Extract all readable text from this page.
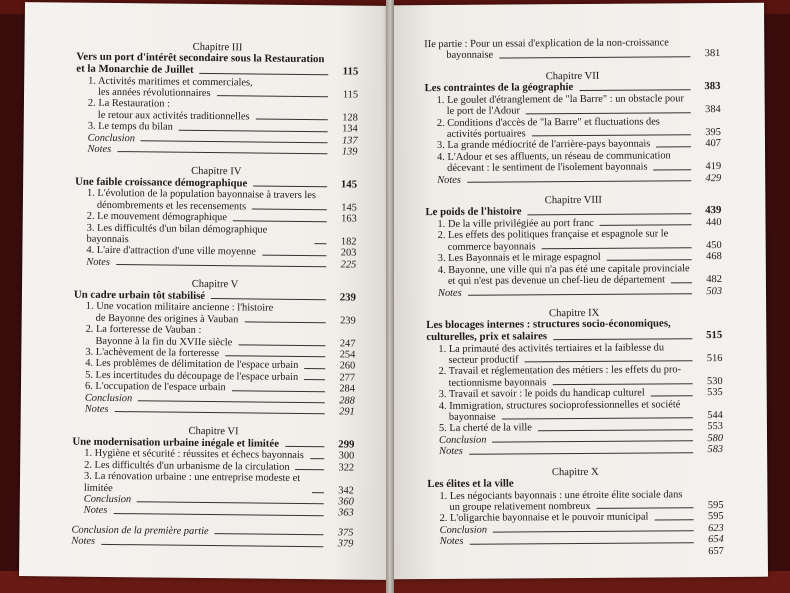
Chapitre III
Vers un port d'intérêt secondaire sous la Restauration
et la Monarchie de Juillet	115
1. Activités maritimes et commerciales,
les années révolutionnaires	115
2. La Restauration :
le retour aux activités traditionnelles	128
3. Le temps du bilan	134
Conclusion	137
Notes	139
Chapitre IV
Une faible croissance démographique	145
1. L'évolution de la population bayonnaise à travers les
dénombrements et les recensements	145
2. Le mouvement démographique	163
3. Les difficultés d'un bilan démographique bayonnais	182
4. L'aire d'attraction d'une ville moyenne	203
Notes	225
Chapitre V
Un cadre urbain tôt stabilisé	239
1. Une vocation militaire ancienne : l'histoire
de Bayonne des origines à Vauban	239
2. La forteresse de Vauban :
Bayonne à la fin du XVIIe siècle	247
3. L'achèvement de la forteresse	254
4. Les problèmes de délimitation de l'espace urbain	260
5. Les incertitudes du découpage de l'espace urbain	277
6. L'occupation de l'espace urbain	284
Conclusion	288
Notes	291
Chapitre VI
Une modernisation urbaine inégale et limitée	299
1. Hygiène et sécurité : réussites et échecs bayonnais	300
2. Les difficultés d'un urbanisme de la circulation	322
3. La rénovation urbaine : une entreprise modeste et limitée	342
Conclusion	360
Notes	363
Conclusion de la première partie	375
Notes	379
IIe partie : Pour un essai d'explication de la non-croissance
bayonnaise	381
Chapitre VII
Les contraintes de la géographie	383
1. Le goulet d'étranglement de "la Barre" : un obstacle pour
le port de l'Adour	384
2. Conditions d'accès de "la Barre" et fluctuations des
activités portuaires	395
3. La grande médiocrité de l'arrière-pays bayonnais	407
4. L'Adour et ses affluents, un réseau de communication
décevant : le sentiment de l'isolement bayonnais	419
Notes	429
Chapitre VIII
Le poids de l'histoire	439
1. De la ville privilégiée au port franc	440
2. Les effets des politiques française et espagnole sur le
commerce bayonnais	450
3. Les Bayonnais et le mirage espagnol	468
4. Bayonne, une ville qui n'a pas été une capitale provinciale
et qui n'est pas devenue un chef-lieu de département	482
Notes	503
Chapitre IX
Les blocages internes : structures socio-économiques,
culturelles, prix et salaires	515
1. La primauté des activités tertiaires et la faiblesse du
secteur productif	516
2. Travail et réglementation des métiers : les effets du pro-
tectionnisme bayonnais	530
3. Travail et savoir : le poids du handicap culturel	535
4. Immigration, structures socioprofessionnelles et société
bayonnaise	544
5. La cherté de la ville	553
Conclusion	580
Notes	583
Chapitre X
Les élites et la ville
1. Les négociants bayonnais : une étroite élite sociale dans
un groupe relativement nombreux	595
2. L'oligarchie bayonnaise et le pouvoir municipal	595
Conclusion	623
Notes	654
657
